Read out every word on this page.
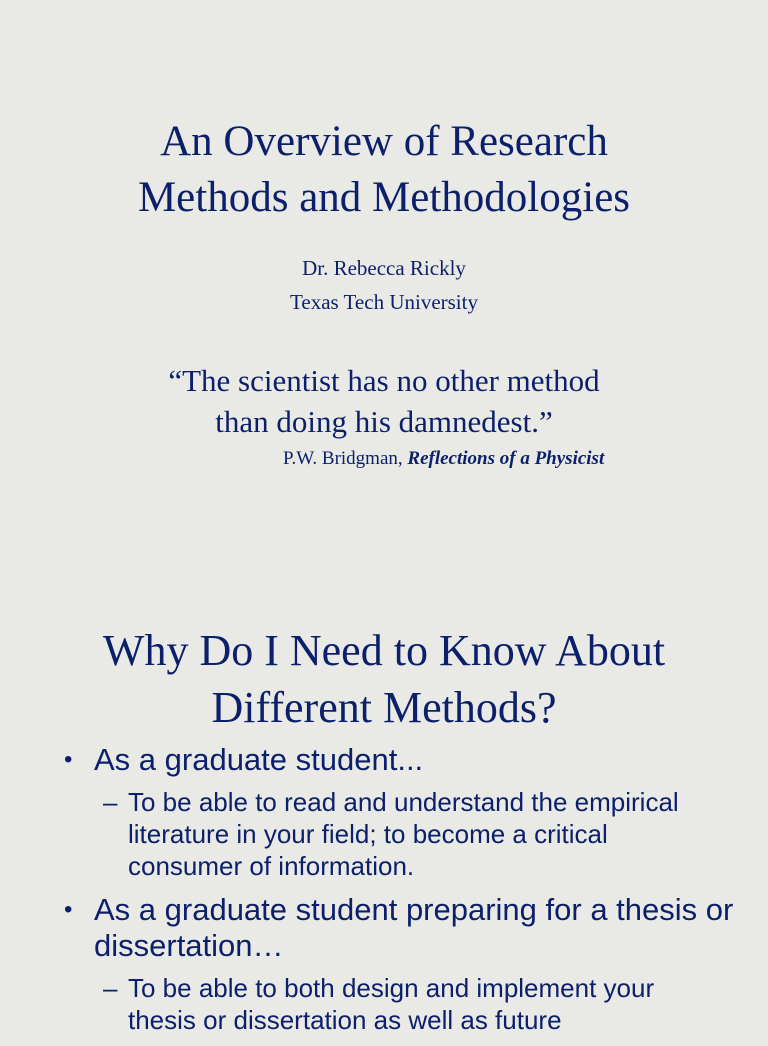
An Overview of Research
Methods and Methodologies
Dr. Rebecca Rickly
Texas Tech University
“The scientist has no other method
than doing his damnedest.”
P.W. Bridgman, Reflections of a Physicist
Why Do I Need to Know About
Different Methods?
• As a graduate student...
– To be able to read and understand the empirical literature in your field; to become a critical consumer of information.
• As a graduate student preparing for a thesis or dissertation…
– To be able to both design and implement your thesis or dissertation as well as future
